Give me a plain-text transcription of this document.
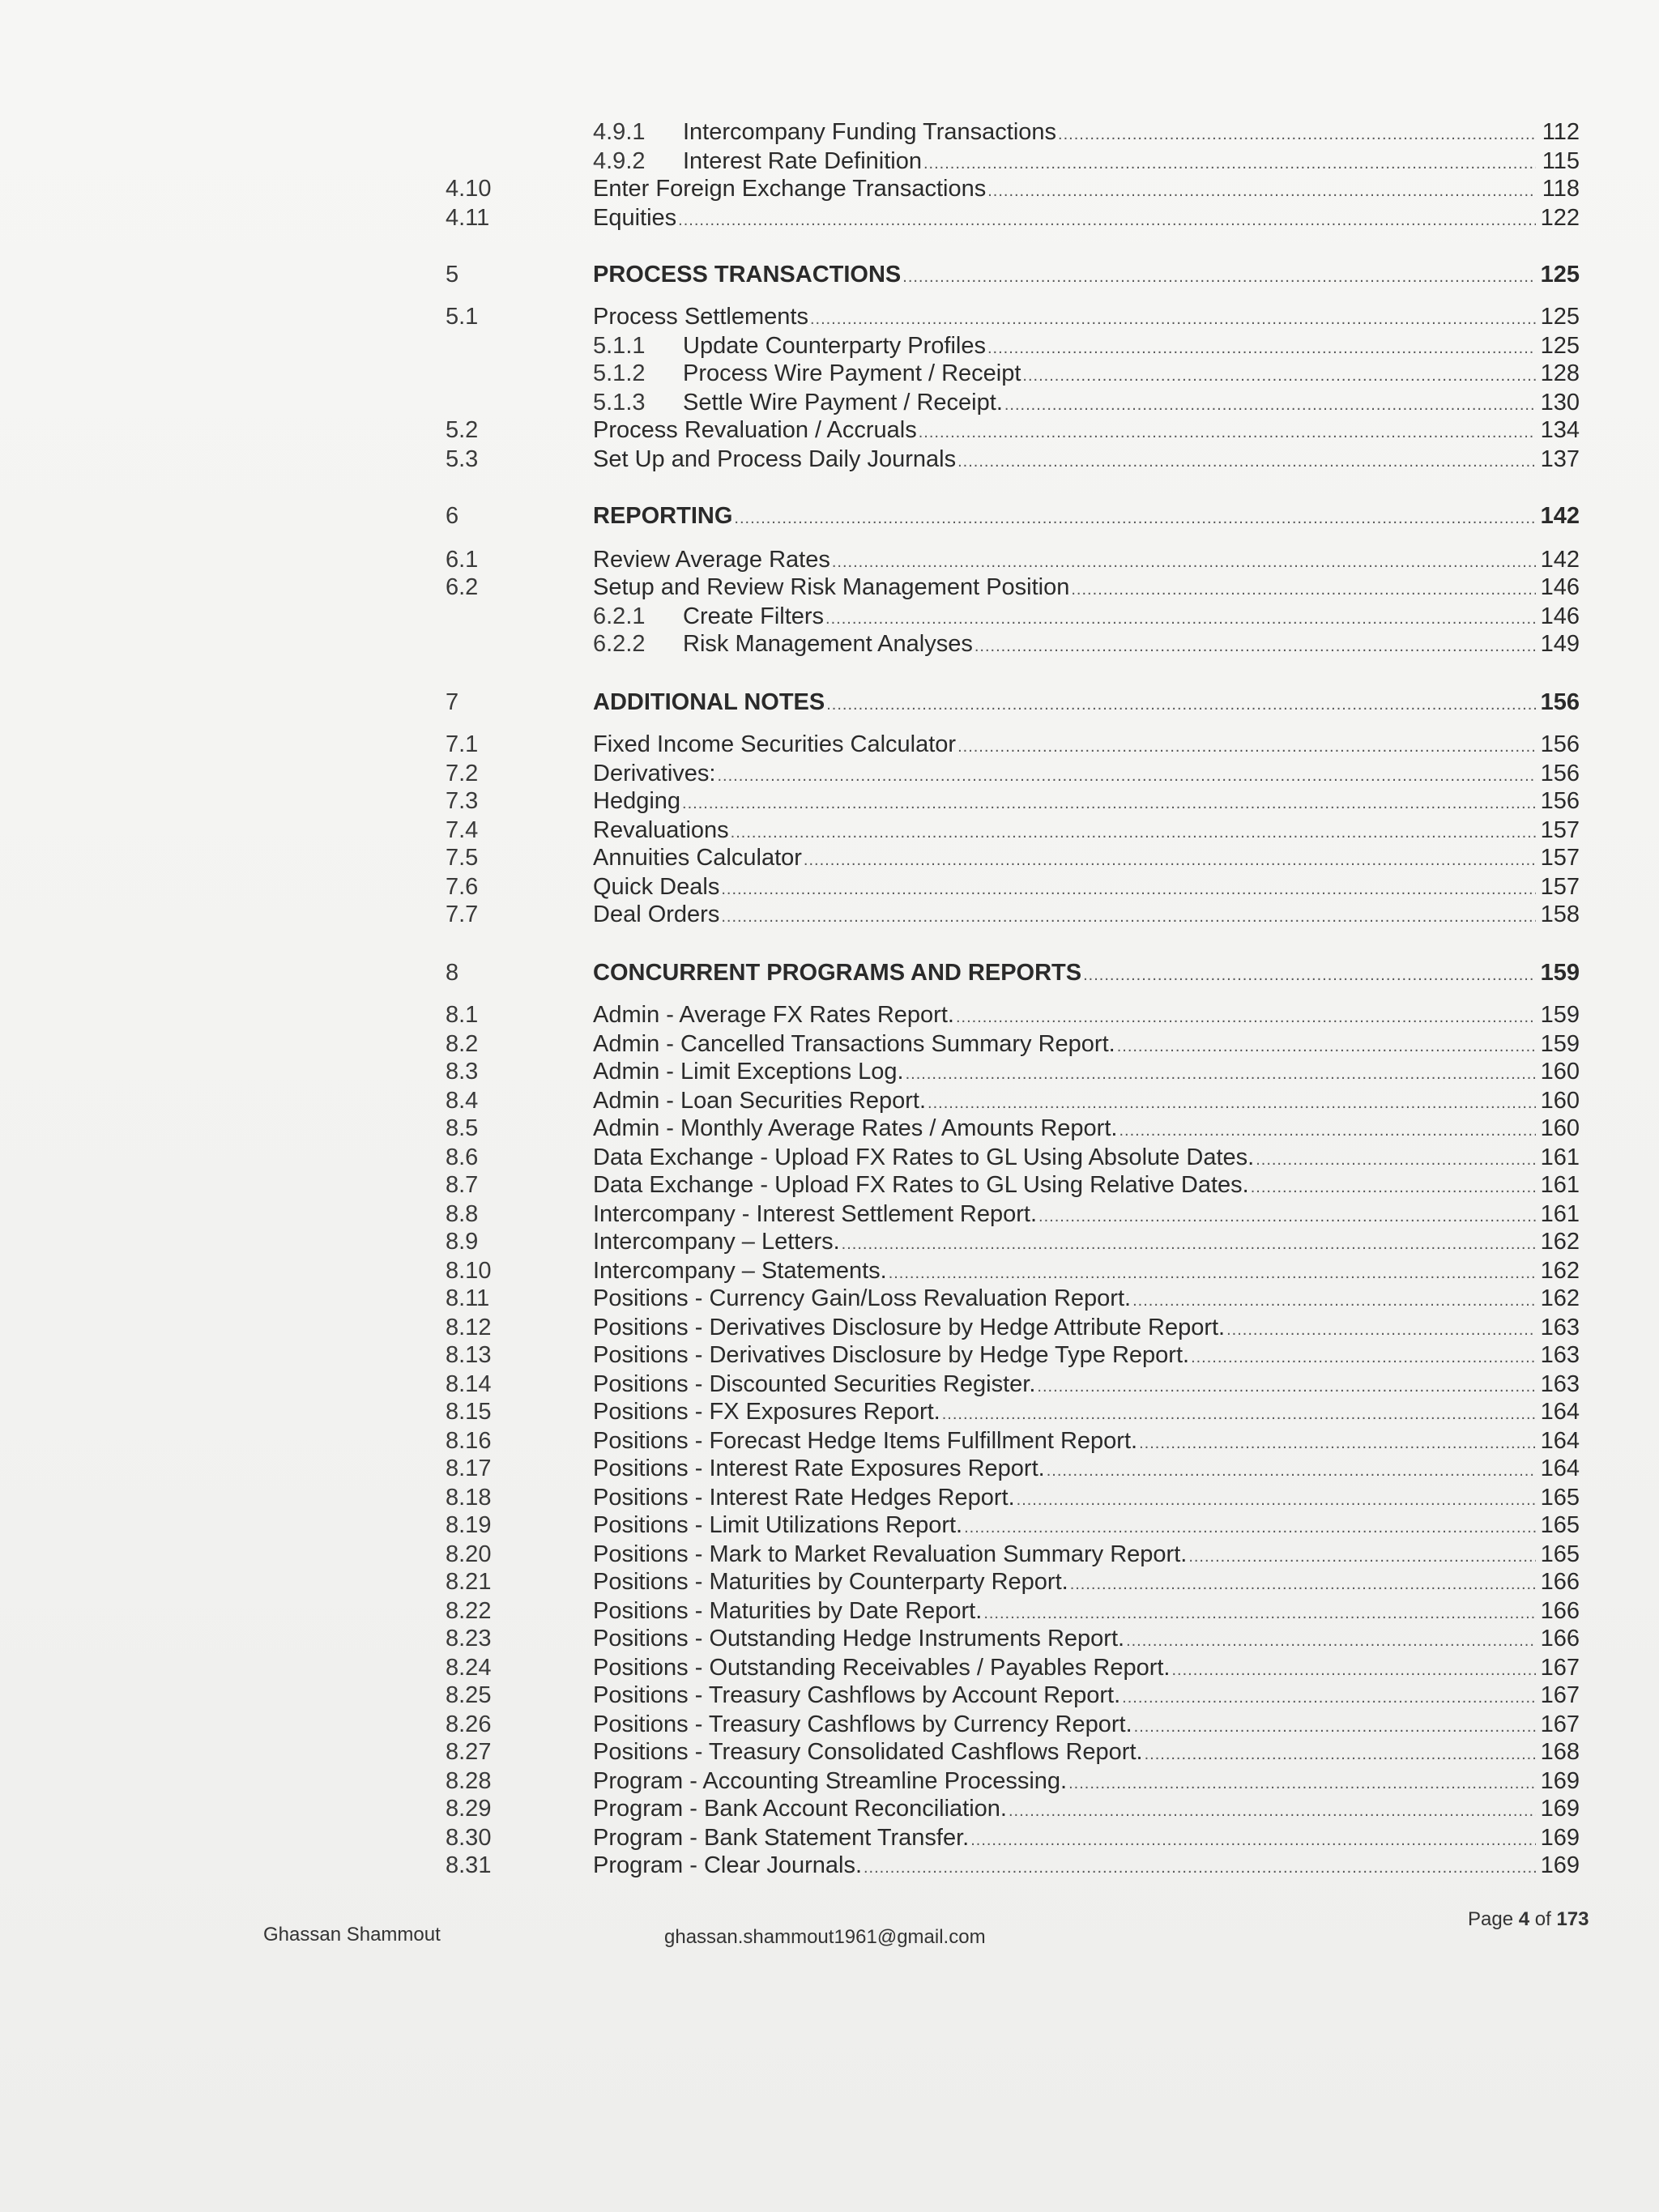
4.9.1 Intercompany Funding Transactions .....	112
4.9.2 Interest Rate Definition .....	115
4.10	Enter Foreign Exchange Transactions .....	118
4.11	Equities .....	122
5	PROCESS TRANSACTIONS .....	125
5.1	Process Settlements .....	125
5.1.1 Update Counterparty Profiles .....	125
5.1.2 Process Wire Payment / Receipt .....	128
5.1.3 Settle Wire Payment / Receipt. .....	130
5.2	Process Revaluation / Accruals .....	134
5.3	Set Up and Process Daily Journals .....	137
6	REPORTING .....	142
6.1	Review Average Rates .....	142
6.2	Setup and Review Risk Management Position .....	146
6.2.1 Create Filters .....	146
6.2.2 Risk Management Analyses .....	149
7	ADDITIONAL NOTES .....	156
7.1	Fixed Income Securities Calculator .....	156
7.2	Derivatives: .....	156
7.3	Hedging .....	156
7.4	Revaluations .....	157
7.5	Annuities Calculator .....	157
7.6	Quick Deals .....	157
7.7	Deal Orders .....	158
8	CONCURRENT PROGRAMS AND REPORTS .....	159
8.1	Admin - Average FX Rates Report. .....	159
8.2	Admin - Cancelled Transactions Summary Report. .....	159
8.3	Admin - Limit Exceptions Log. .....	160
8.4	Admin - Loan Securities Report. .....	160
8.5	Admin - Monthly Average Rates / Amounts Report. .....	160
8.6	Data Exchange - Upload FX Rates to GL Using Absolute Dates. .....	161
8.7	Data Exchange - Upload FX Rates to GL Using Relative Dates. .....	161
8.8	Intercompany - Interest Settlement Report. .....	161
8.9	Intercompany – Letters. .....	162
8.10	Intercompany – Statements. .....	162
8.11	Positions - Currency Gain/Loss Revaluation Report. .....	162
8.12	Positions - Derivatives Disclosure by Hedge Attribute Report. .....	163
8.13	Positions - Derivatives Disclosure by Hedge Type Report. .....	163
8.14	Positions - Discounted Securities Register. .....	163
8.15	Positions - FX Exposures Report. .....	164
8.16	Positions - Forecast Hedge Items Fulfillment Report. .....	164
8.17	Positions - Interest Rate Exposures Report. .....	164
8.18	Positions - Interest Rate Hedges Report. .....	165
8.19	Positions - Limit Utilizations Report. .....	165
8.20	Positions - Mark to Market Revaluation Summary Report. .....	165
8.21	Positions - Maturities by Counterparty Report. .....	166
8.22	Positions - Maturities by Date Report. .....	166
8.23	Positions - Outstanding Hedge Instruments Report. .....	166
8.24	Positions - Outstanding Receivables / Payables Report. .....	167
8.25	Positions - Treasury Cashflows by Account Report. .....	167
8.26	Positions - Treasury Cashflows by Currency Report. .....	167
8.27	Positions - Treasury Consolidated Cashflows Report. .....	168
8.28	Program - Accounting Streamline Processing. .....	169
8.29	Program - Bank Account Reconciliation. .....	169
8.30	Program - Bank Statement Transfer. .....	169
8.31	Program - Clear Journals. .....	169
Ghassan Shammout	ghassan.shammout1961@gmail.com
Page 4 of 173
